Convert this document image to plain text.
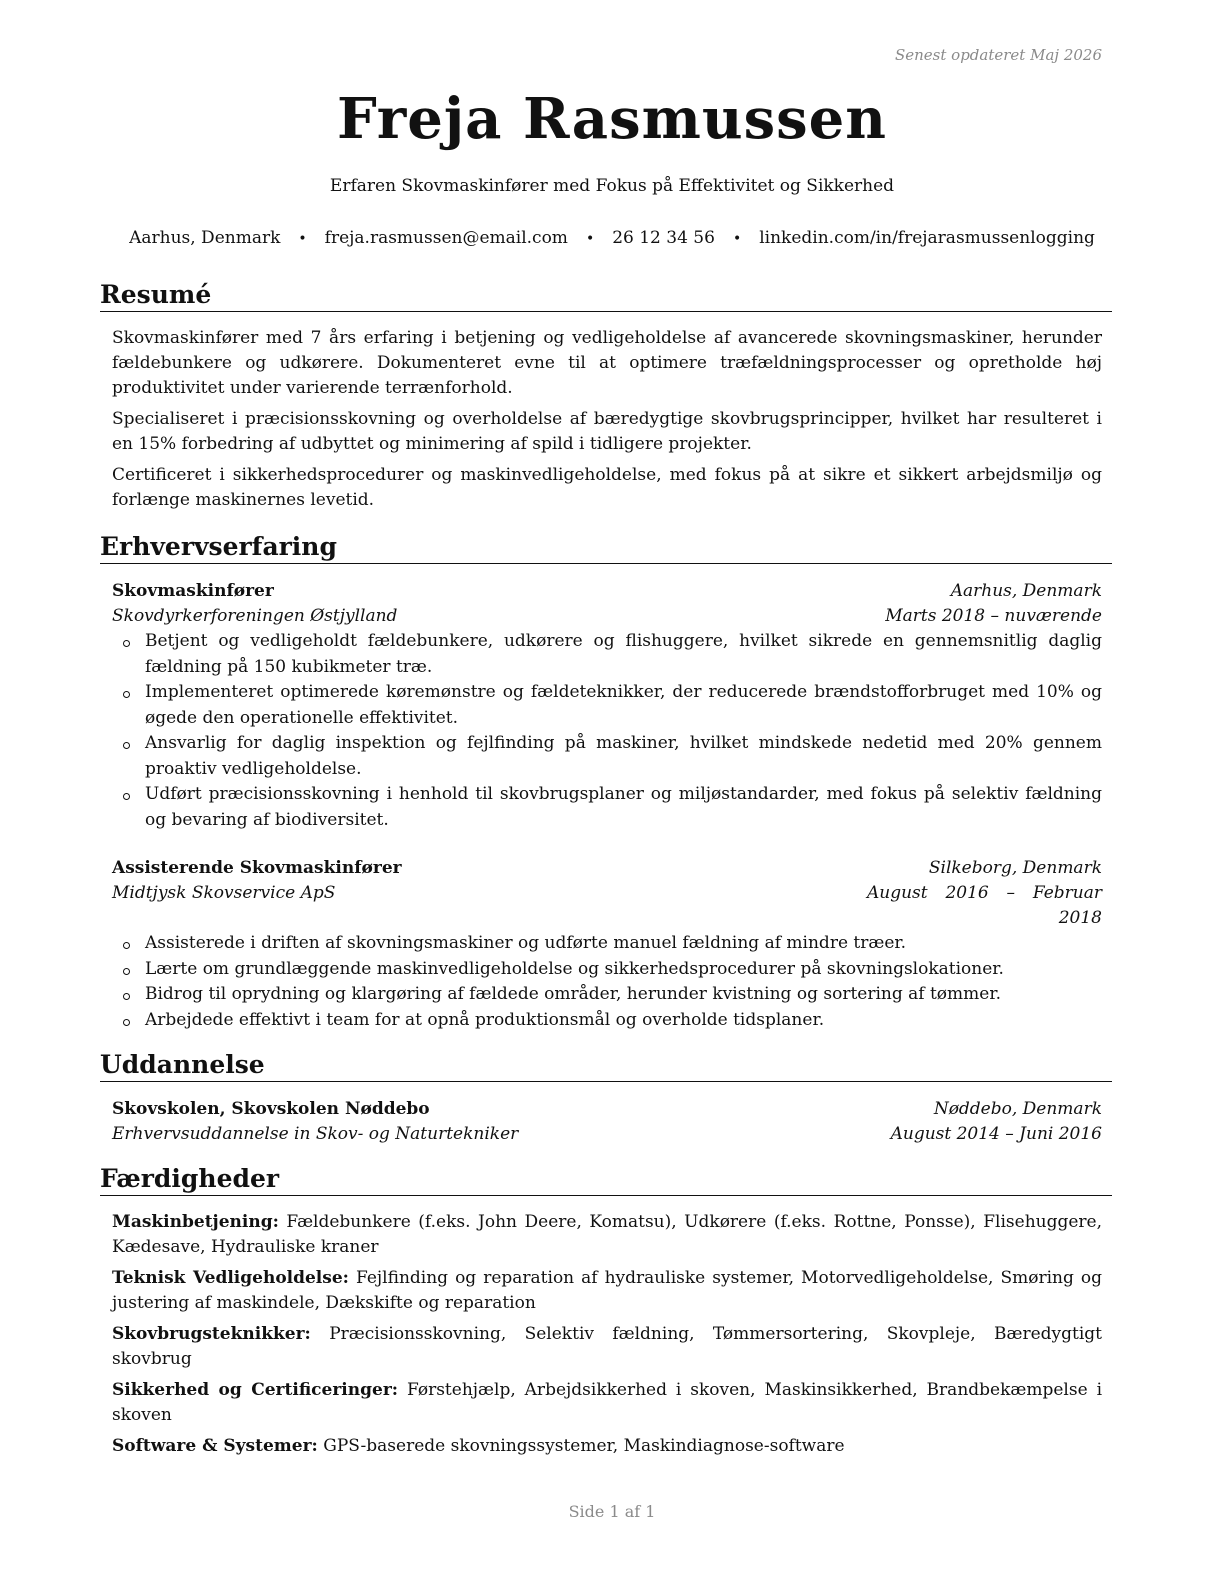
Senest opdateret Maj 2026
Freja Rasmussen
Erfaren Skovmaskinfører med Fokus på Effektivitet og Sikkerhed
Aarhus, Denmark • freja.rasmussen@email.com • 26 12 34 56 • linkedin.com/in/frejarasmussenlogging
Resumé

Skovmaskinfører med 7 års erfaring i betjening og vedligeholdelse af avancerede skovningsmaskiner, herunder fældebunkere og udkørere. Dokumenteret evne til at optimere træfældningsprocesser og opretholde høj produktivitet under varierende terrænforhold.

Specialiseret i præcisionsskovning og overholdelse af bæredygtige skovbrugsprincipper, hvilket har resulteret i en 15% forbedring af udbyttet og minimering af spild i tidligere projekter.

Certificeret i sikkerhedsprocedurer og maskinvedligeholdelse, med fokus på at sikre et sikkert arbejdsmiljø og forlænge maskinernes levetid.

Erhvervserfaring
Skovmaskinfører	Aarhus, Denmark
Skovdyrkerforeningen Østjylland	Marts 2018 – nuværende
Betjent og vedligeholdt fældebunkere, udkørere og flishuggere, hvilket sikrede en gennemsnitlig daglig fældning på 150 kubikmeter træ.
Implementeret optimerede køremønstre og fældeteknikker, der reducerede brændstofforbruget med 10% og øgede den operationelle effektivitet.
Ansvarlig for daglig inspektion og fejlfinding på maskiner, hvilket mindskede nedetid med 20% gennem proaktiv vedligeholdelse.
Udført præcisionsskovning i henhold til skovbrugsplaner og miljøstandarder, med fokus på selektiv fældning og bevaring af biodiversitet.
Assisterende Skovmaskinfører	Silkeborg, Denmark
Midtjysk Skovservice ApS	August 2016 – Februar
2018
Assisterede i driften af skovningsmaskiner og udførte manuel fældning af mindre træer.
Lærte om grundlæggende maskinvedligeholdelse og sikkerhedsprocedurer på skovningslokationer.
Bidrog til oprydning og klargøring af fældede områder, herunder kvistning og sortering af tømmer.
Arbejdede effektivt i team for at opnå produktionsmål og overholde tidsplaner.
Uddannelse
Skovskolen, Skovskolen Nøddebo	Nøddebo, Denmark
Erhvervsuddannelse in Skov- og Naturtekniker	August 2014 – Juni 2016
Færdigheder

Maskinbetjening: Fældebunkere (f.eks. John Deere, Komatsu), Udkørere (f.eks. Rottne, Ponsse), Flisehuggere, Kædesave, Hydrauliske kraner

Teknisk Vedligeholdelse: Fejlfinding og reparation af hydrauliske systemer, Motorvedligeholdelse, Smøring og justering af maskindele, Dækskifte og reparation

Skovbrugsteknikker: Præcisionsskovning, Selektiv fældning, Tømmersortering, Skovpleje, Bæredygtigt skovbrug

Sikkerhed og Certificeringer: Førstehjælp, Arbejdsikkerhed i skoven, Maskinsikkerhed, Brandbekæmpelse i skoven

Software & Systemer: GPS-baserede skovningssystemer, Maskindiagnose-software

Side 1 af 1
